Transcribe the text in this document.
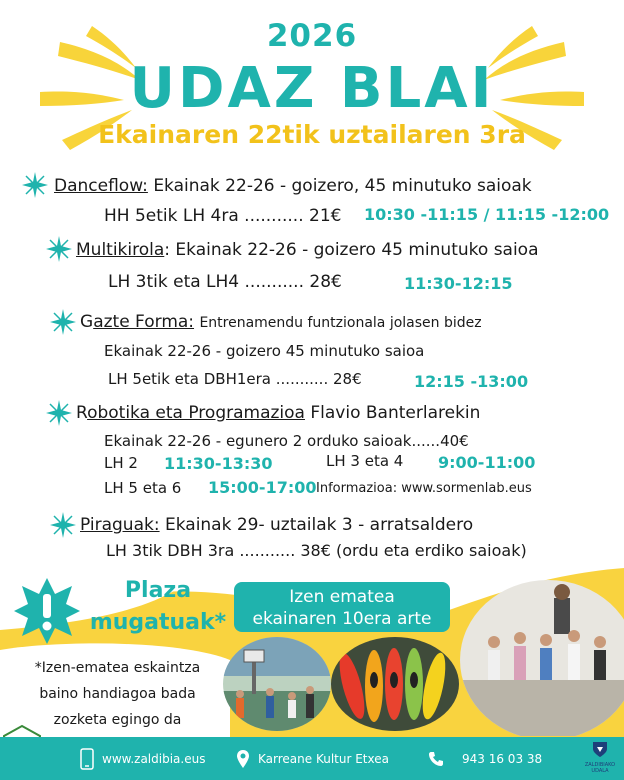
2026
UDAZ BLAI
Ekainaren 22tik uztailaren 3ra
Danceflow: Ekainak 22-26 - goizero, 45 minutuko saioak
HH 5etik LH 4ra ........... 21€ 10:30 -11:15 / 11:15 -12:00
Multikirola: Ekainak 22-26 - goizero 45 minutuko saioa
LH 3tik eta LH4 ........... 28€	11:30-12:15
Gazte Forma: Entrenamendu funtzionala jolasen bidez
Ekainak 22-26 - goizero 45 minutuko saioa
LH 5etik eta DBH1era ........... 28€	12:15 -13:00
Robotika eta Programazioa Flavio Banterlarekin
Ekainak 22-26 - egunero 2 orduko saioak......40€
LH 2 11:30-13:30	LH 3 eta 4 9:00-11:00
LH 5 eta 6 15:00-17:00 Informazioa: www.sormenlab.eus
Piraguak: Ekainak 29- uztailak 3 - arratsaldero
LH 3tik DBH 3ra ........... 38€ (ordu eta erdiko saioak)
Plaza
mugatuak*
*Izen-ematea eskaintza
baino handiagoa bada
zozketa egingo da
Izen ematea
ekainaren 10era arte
www.zaldibia.eus	Karreane Kultur Etxea	943 16 03 38	ZALDIBIAKO
UDALA
